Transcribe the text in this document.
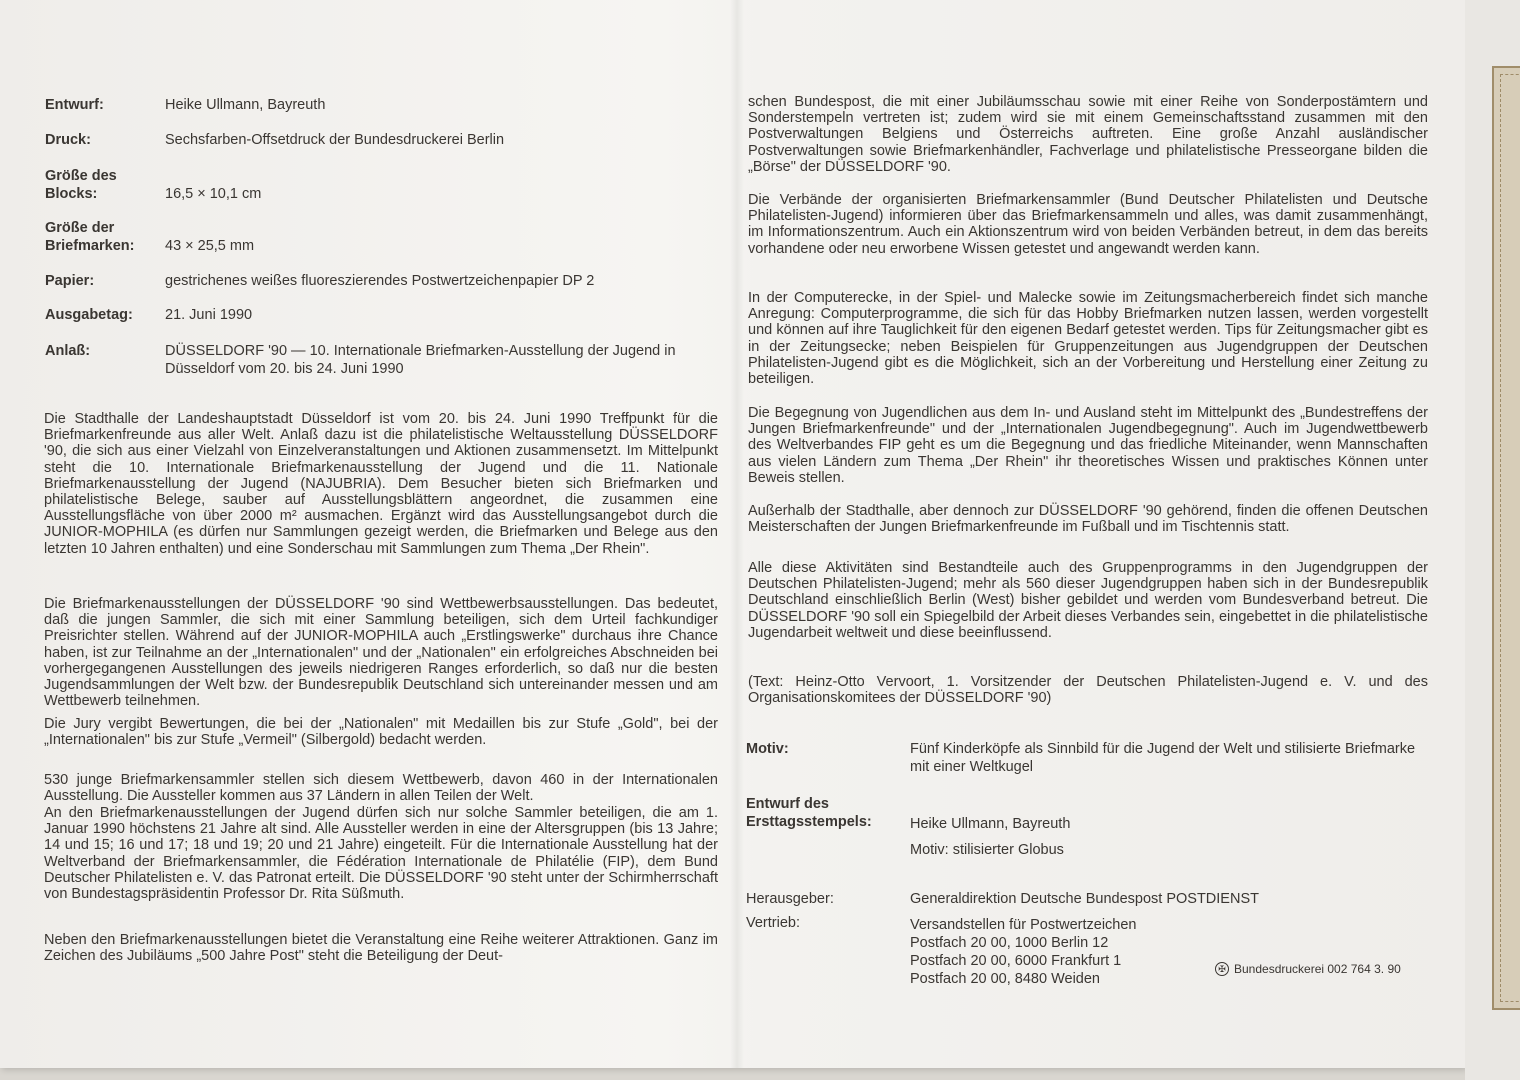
Entwurf:	Heike Ullmann, Bayreuth
Druck:	Sechsfarben-Offsetdruck der Bundesdruckerei Berlin
Größe des Blocks:	16,5 × 10,1 cm
Größe der Briefmarken:	43 × 25,5 mm
Papier:	gestrichenes weißes fluoreszierendes Postwertzeichenpapier DP 2
Ausgabetag:	21. Juni 1990
Anlaß:	DÜSSELDORF '90 — 10. Internationale Briefmarken-Ausstellung der Jugend in Düsseldorf vom 20. bis 24. Juni 1990

Die Stadthalle der Landeshauptstadt Düsseldorf ist vom 20. bis 24. Juni 1990 Treffpunkt für die Briefmarkenfreunde aus aller Welt. Anlaß dazu ist die philatelistische Weltausstellung DÜSSELDORF '90, die sich aus einer Vielzahl von Einzelveranstaltungen und Aktionen zusammensetzt. Im Mittelpunkt steht die 10. Internationale Briefmarkenausstellung der Jugend und die 11. Nationale Briefmarkenausstellung der Jugend (NAJUBRIA). Dem Besucher bieten sich Briefmarken und philatelistische Belege, sauber auf Ausstellungsblättern angeordnet, die zusammen eine Ausstellungsfläche von über 2000 m² ausmachen. Ergänzt wird das Ausstellungsangebot durch die JUNIOR-MOPHILA (es dürfen nur Sammlungen gezeigt werden, die Briefmarken und Belege aus den letzten 10 Jahren enthalten) und eine Sonderschau mit Sammlungen zum Thema „Der Rhein".

Die Briefmarkenausstellungen der DÜSSELDORF '90 sind Wettbewerbsausstellungen. Das bedeutet, daß die jungen Sammler, die sich mit einer Sammlung beteiligen, sich dem Urteil fachkundiger Preisrichter stellen. Während auf der JUNIOR-MOPHILA auch „Erstlingswerke" durchaus ihre Chance haben, ist zur Teilnahme an der „Internationalen" und der „Nationalen" ein erfolgreiches Abschneiden bei vorhergegangenen Ausstellungen des jeweils niedrigeren Ranges erforderlich, so daß nur die besten Jugendsammlungen der Welt bzw. der Bundesrepublik Deutschland sich untereinander messen und am Wettbewerb teilnehmen.

Die Jury vergibt Bewertungen, die bei der „Nationalen" mit Medaillen bis zur Stufe „Gold", bei der „Internationalen" bis zur Stufe „Vermeil" (Silbergold) bedacht werden.

530 junge Briefmarkensammler stellen sich diesem Wettbewerb, davon 460 in der Internationalen Ausstellung. Die Aussteller kommen aus 37 Ländern in allen Teilen der Welt.

An den Briefmarkenausstellungen der Jugend dürfen sich nur solche Sammler beteiligen, die am 1. Januar 1990 höchstens 21 Jahre alt sind. Alle Aussteller werden in eine der Altersgruppen (bis 13 Jahre; 14 und 15; 16 und 17; 18 und 19; 20 und 21 Jahre) eingeteilt. Für die Internationale Ausstellung hat der Weltverband der Briefmarkensammler, die Fédération Internationale de Philatélie (FIP), dem Bund Deutscher Philatelisten e. V. das Patronat erteilt. Die DÜSSELDORF '90 steht unter der Schirmherrschaft von Bundestagspräsidentin Professor Dr. Rita Süßmuth.

Neben den Briefmarkenausstellungen bietet die Veranstaltung eine Reihe weiterer Attraktionen. Ganz im Zeichen des Jubiläums „500 Jahre Post" steht die Beteiligung der Deut-

schen Bundespost, die mit einer Jubiläumsschau sowie mit einer Reihe von Sonderpostämtern und Sonderstempeln vertreten ist; zudem wird sie mit einem Gemeinschaftsstand zusammen mit den Postverwaltungen Belgiens und Österreichs auftreten. Eine große Anzahl ausländischer Postverwaltungen sowie Briefmarkenhändler, Fachverlage und philatelistische Presseorgane bilden die „Börse" der DÜSSELDORF '90.

Die Verbände der organisierten Briefmarkensammler (Bund Deutscher Philatelisten und Deutsche Philatelisten-Jugend) informieren über das Briefmarkensammeln und alles, was damit zusammenhängt, im Informationszentrum. Auch ein Aktionszentrum wird von beiden Verbänden betreut, in dem das bereits vorhandene oder neu erworbene Wissen getestet und angewandt werden kann.

In der Computerecke, in der Spiel- und Malecke sowie im Zeitungsmacherbereich findet sich manche Anregung: Computerprogramme, die sich für das Hobby Briefmarken nutzen lassen, werden vorgestellt und können auf ihre Tauglichkeit für den eigenen Bedarf getestet werden. Tips für Zeitungsmacher gibt es in der Zeitungsecke; neben Beispielen für Gruppenzeitungen aus Jugendgruppen der Deutschen Philatelisten-Jugend gibt es die Möglichkeit, sich an der Vorbereitung und Herstellung einer Zeitung zu beteiligen.

Die Begegnung von Jugendlichen aus dem In- und Ausland steht im Mittelpunkt des „Bundestreffens der Jungen Briefmarkenfreunde" und der „Internationalen Jugendbegegnung". Auch im Jugendwettbewerb des Weltverbandes FIP geht es um die Begegnung und das friedliche Miteinander, wenn Mannschaften aus vielen Ländern zum Thema „Der Rhein" ihr theoretisches Wissen und praktisches Können unter Beweis stellen.

Außerhalb der Stadthalle, aber dennoch zur DÜSSELDORF '90 gehörend, finden die offenen Deutschen Meisterschaften der Jungen Briefmarkenfreunde im Fußball und im Tischtennis statt.

Alle diese Aktivitäten sind Bestandteile auch des Gruppenprogramms in den Jugendgruppen der Deutschen Philatelisten-Jugend; mehr als 560 dieser Jugendgruppen haben sich in der Bundesrepublik Deutschland einschließlich Berlin (West) bisher gebildet und werden vom Bundesverband betreut. Die DÜSSELDORF '90 soll ein Spiegelbild der Arbeit dieses Verbandes sein, eingebettet in die philatelistische Jugendarbeit weltweit und diese beeinflussend.

(Text: Heinz-Otto Vervoort, 1. Vorsitzender der Deutschen Philatelisten-Jugend e. V. und des Organisationskomitees der DÜSSELDORF '90)

Motiv:	Fünf Kinderköpfe als Sinnbild für die Jugend der Welt und stilisierte Briefmarke mit einer Weltkugel
Entwurf des Ersttagsstempels:	Heike Ullmann, Bayreuth
Motiv: stilisierter Globus
Herausgeber:	Generaldirektion Deutsche Bundespost POSTDIENST
Vertrieb:	Versandstellen für Postwertzeichen
Postfach 20 00, 1000 Berlin 12
Postfach 20 00, 6000 Frankfurt 1
Postfach 20 00, 8480 Weiden
✠ Bundesdruckerei 002 764 3. 90
